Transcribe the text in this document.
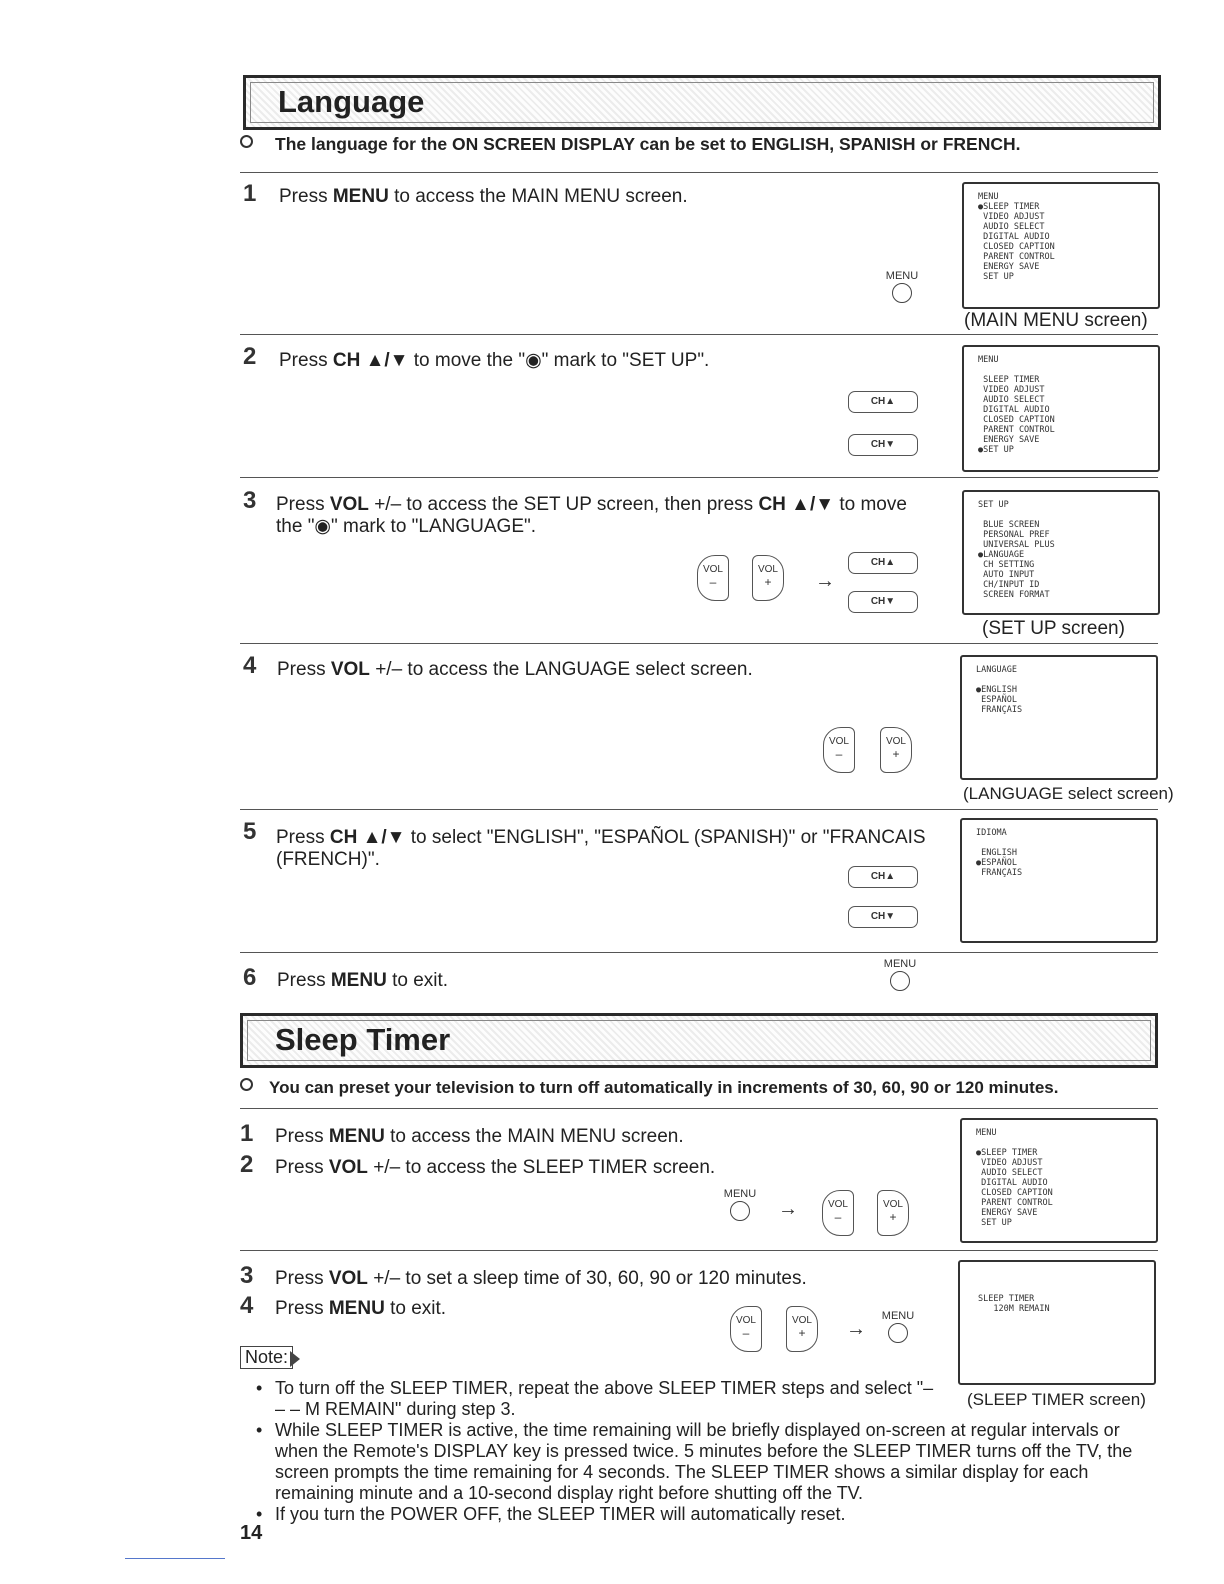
Language
The language for the ON SCREEN DISPLAY can be set to ENGLISH, SPANISH or FRENCH.
1 Press MENU to access the MAIN MENU screen.
MENU
MENU
●SLEEP TIMER
VIDEO ADJUST
AUDIO SELECT
DIGITAL AUDIO
CLOSED CAPTION
PARENT CONTROL
ENERGY SAVE
SET UP
(MAIN MENU screen)
2 Press CH ▲/▼ to move the "◉" mark to "SET UP".
CH▲
CH▼
MENU

SLEEP TIMER
VIDEO ADJUST
AUDIO SELECT
DIGITAL AUDIO
CLOSED CAPTION
PARENT CONTROL
ENERGY SAVE
●SET UP
3 Press VOL +/– to access the SET UP screen, then press CH ▲/▼ to move the "◉" mark to "LANGUAGE".
VOL
–
VOL
+	→
CH▲
CH▼
SET UP

BLUE SCREEN
PERSONAL PREF
UNIVERSAL PLUS
●LANGUAGE
CH SETTING
AUTO INPUT
CH/INPUT ID
SCREEN FORMAT
(SET UP screen)
4 Press VOL +/– to access the LANGUAGE select screen.
VOL
–
VOL
+
LANGUAGE

●ENGLISH
ESPAÑOL
FRANÇAIS
(LANGUAGE select screen)
5 Press CH ▲/▼ to select "ENGLISH", "ESPAÑOL (SPANISH)" or "FRANCAIS (FRENCH)".
CH▲
CH▼
IDIOMA

ENGLISH
●ESPAÑOL
FRANÇAIS
6 Press MENU to exit.
MENU
Sleep Timer
You can preset your television to turn off automatically in increments of 30, 60, 90 or 120 minutes.
1 Press MENU to access the MAIN MENU screen.
2 Press VOL +/– to access the SLEEP TIMER screen.
MENU
→	VOL
–
VOL
+
MENU

●SLEEP TIMER
VIDEO ADJUST
AUDIO SELECT
DIGITAL AUDIO
CLOSED CAPTION
PARENT CONTROL
ENERGY SAVE
SET UP
3 Press VOL +/– to set a sleep time of 30, 60, 90 or 120 minutes.
4 Press MENU to exit.
VOL
–
VOL
+	→
MENU
SLEEP TIMER
120M REMAIN
(SLEEP TIMER screen)
Note:
• To turn off the SLEEP TIMER, repeat the above SLEEP TIMER steps and select "– – – M REMAIN" during step 3.
• While SLEEP TIMER is active, the time remaining will be briefly displayed on-screen at regular intervals or when the Remote's DISPLAY key is pressed twice. 5 minutes before the SLEEP TIMER turns off the TV, the screen prompts the time remaining for 4 seconds. The SLEEP TIMER shows a similar display for each remaining minute and a 10-second display right before shutting off the TV.
• If you turn the POWER OFF, the SLEEP TIMER will automatically reset.
14
